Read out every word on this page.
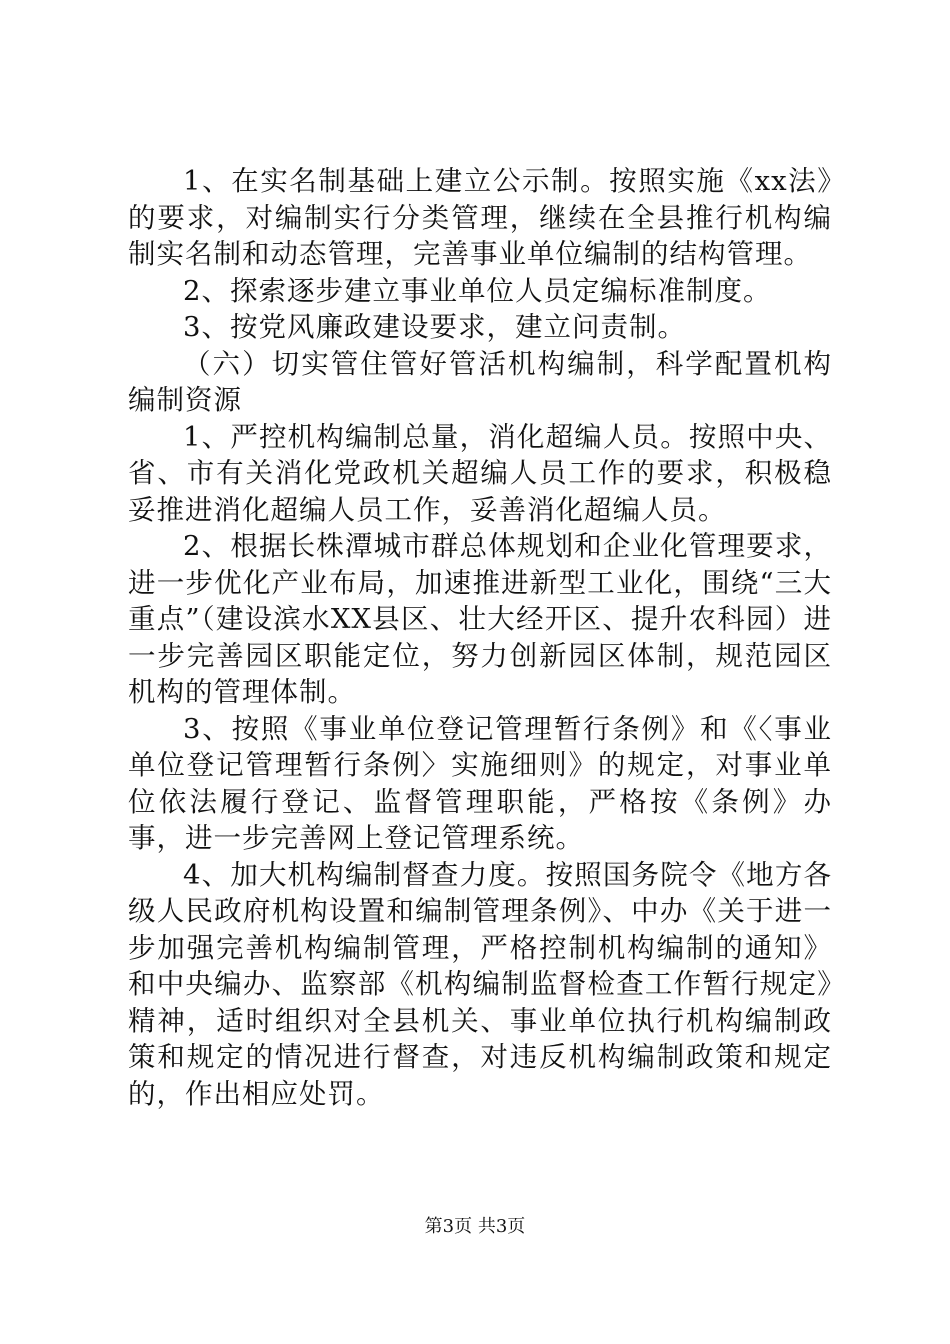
1、在实名制基础上建立公示制。按照实施《xx法》的要求，对编制实行分类管理，继续在全县推行机构编制实名制和动态管理，完善事业单位编制的结构管理。

2、探索逐步建立事业单位人员定编标准制度。

3、按党风廉政建设要求，建立问责制。

（六）切实管住管好管活机构编制，科学配置机构编制资源

1、严控机构编制总量，消化超编人员。按照中央、省、市有关消化党政机关超编人员工作的要求，积极稳妥推进消化超编人员工作，妥善消化超编人员。

2、根据长株潭城市群总体规划和企业化管理要求，进一步优化产业布局，加速推进新型工业化，围绕“三大重点”（建设滨水XX县区、壮大经开区、提升农科园）进一步完善园区职能定位，努力创新园区体制，规范园区机构的管理体制。

3、按照《事业单位登记管理暂行条例》和《〈事业单位登记管理暂行条例〉实施细则》的规定，对事业单位依法履行登记、监督管理职能，严格按《条例》办事，进一步完善网上登记管理系统。

4、加大机构编制督查力度。按照国务院令《地方各级人民政府机构设置和编制管理条例》、中办《关于进一步加强完善机构编制管理，严格控制机构编制的通知》和中央编办、监察部《机构编制监督检查工作暂行规定》精神，适时组织对全县机关、事业单位执行机构编制政策和规定的情况进行督查，对违反机构编制政策和规定的，作出相应处罚。

第3页 共3页
